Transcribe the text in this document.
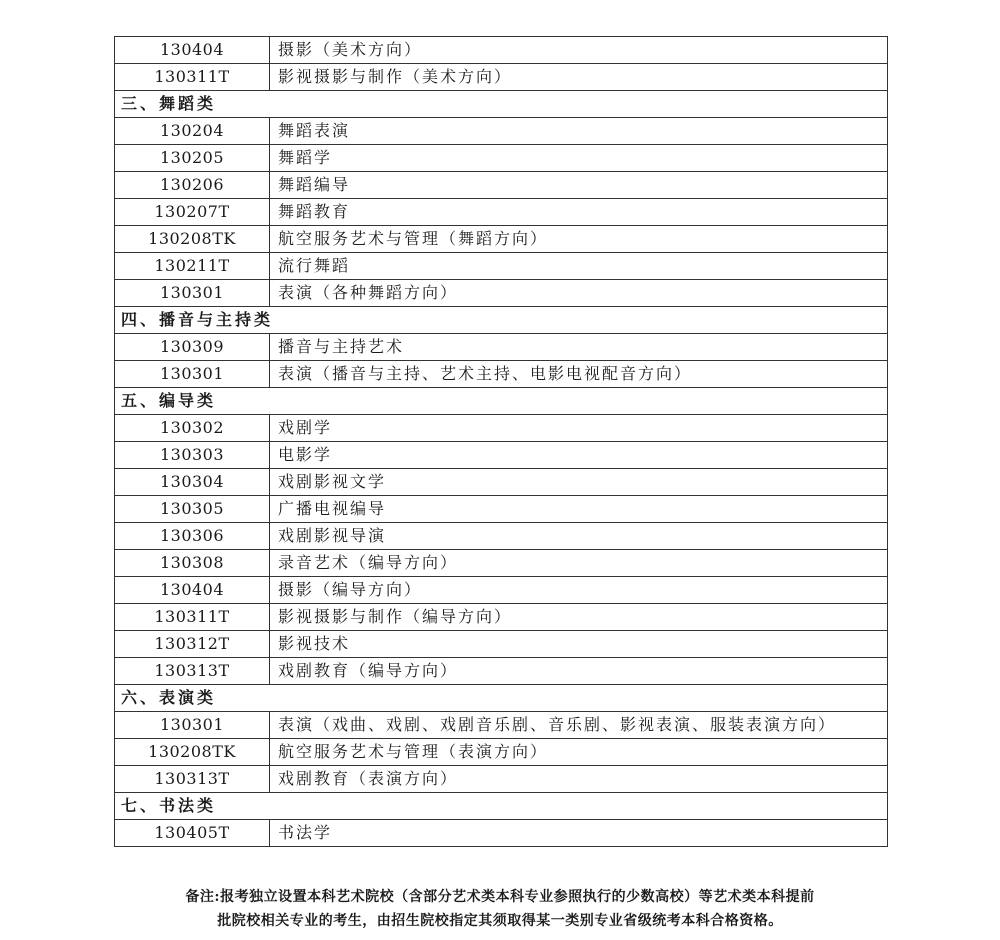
130404	摄影（美术方向）
130311T	影视摄影与制作（美术方向）
三、舞蹈类	
130204	舞蹈表演
130205	舞蹈学
130206	舞蹈编导
130207T	舞蹈教育
130208TK	航空服务艺术与管理（舞蹈方向）
130211T	流行舞蹈
130301	表演（各种舞蹈方向）
四、播音与主持类	
130309	播音与主持艺术
130301	表演（播音与主持、艺术主持、电影电视配音方向）
五、编导类	
130302	戏剧学
130303	电影学
130304	戏剧影视文学
130305	广播电视编导
130306	戏剧影视导演
130308	录音艺术（编导方向）
130404	摄影（编导方向）
130311T	影视摄影与制作（编导方向）
130312T	影视技术
130313T	戏剧教育（编导方向）
六、表演类	
130301	表演（戏曲、戏剧、戏剧音乐剧、音乐剧、影视表演、服装表演方向）
130208TK	航空服务艺术与管理（表演方向）
130313T	戏剧教育（表演方向）
七、书法类	
130405T	书法学
备注:报考独立设置本科艺术院校（含部分艺术类本科专业参照执行的少数高校）等艺术类本科提前
批院校相关专业的考生，由招生院校指定其须取得某一类别专业省级统考本科合格资格。
